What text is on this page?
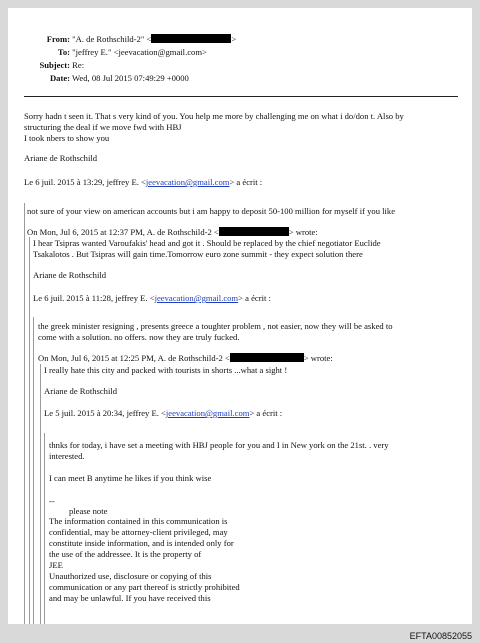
From: "A. de Rothschild-2" <	>
To: "jeffrey E." <jeevacation@gmail.com>
Subject: Re:
Date: Wed, 08 Jul 2015 07:49:29 +0000
Sorry hadn t seen it. That s very kind of you. You help me more by challenging me on what i do/don t. Also by
structuring the deal if we move fwd with HBJ
I took nbers to show you
Ariane de Rothschild
Le 6 juil. 2015 à 13:29, jeffrey E. <jeevacation@gmail.com> a écrit :
not sure of your view on american accounts but i am happy to deposit 50-100 million for myself if you like
On Mon, Jul 6, 2015 at 12:37 PM, A. de Rothschild-2 <	> wrote:
I hear Tsipras wanted Varoufakis' head and got it . Should be replaced by the chief negotiator Euclide
Tsakalotos . But Tsipras will gain time.Tomorrow euro zone summit - they expect solution there
Ariane de Rothschild
Le 6 juil. 2015 à 11:28, jeffrey E. <jeevacation@gmail.com> a écrit :
the greek minister resigning , presents greece a toughter problem , not easier, now they will be asked to
come with a solution. no offers. now they are truly fucked.
On Mon, Jul 6, 2015 at 12:25 PM, A. de Rothschild-2 <	> wrote:
I really hate this city and packed with tourists in shorts ...what a sight !
Ariane de Rothschild
Le 5 juil. 2015 à 20:34, jeffrey E. <jeevacation@gmail.com> a écrit :
thnks for today, i have set a meeting with HBJ people for you and I in New york on the 21st. . very
interested.
I can meet B anytime he likes if you think wise
--
please note
The information contained in this communication is
confidential, may be attorney-client privileged, may
constitute inside information, and is intended only for
the use of the addressee. It is the property of
JEE
Unauthorized use, disclosure or copying of this
communication or any part thereof is strictly prohibited
and may be unlawful. If you have received this
EFTA00852055
